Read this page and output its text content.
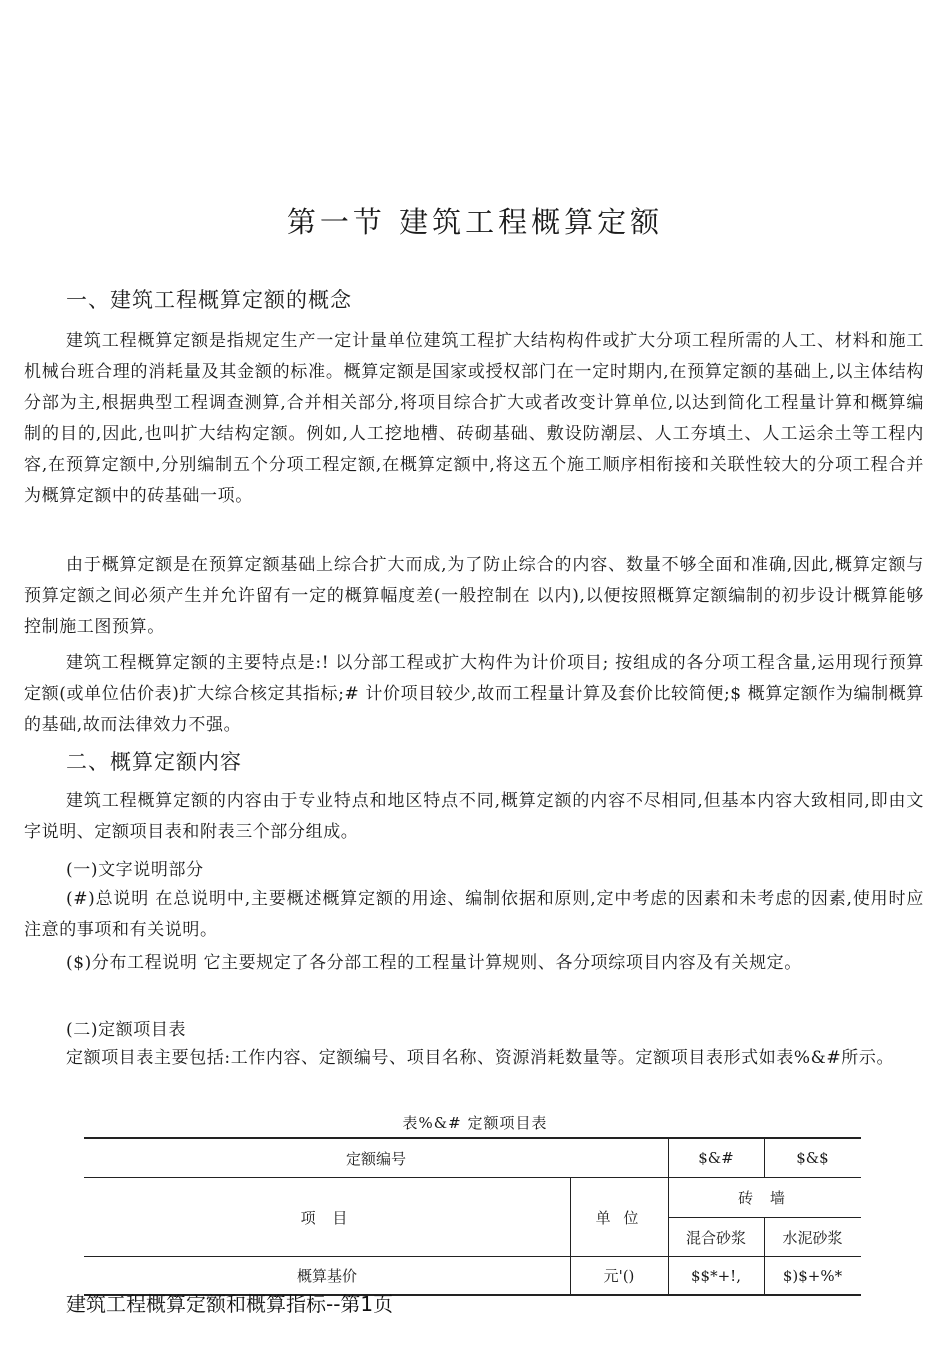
第一节 建筑工程概算定额
一、建筑工程概算定额的概念
建筑工程概算定额是指规定生产一定计量单位建筑工程扩大结构构件或扩大分项工程所需的人工、材料和施工机械台班合理的消耗量及其金额的标准。概算定额是国家或授权部门在一定时期内,在预算定额的基础上,以主体结构分部为主,根据典型工程调查测算,合并相关部分,将项目综合扩大或者改变计算单位,以达到简化工程量计算和概算编制的目的,因此,也叫扩大结构定额。例如,人工挖地槽、砖砌基础、敷设防潮层、人工夯填土、人工运余土等工程内容,在预算定额中,分别编制五个分项工程定额,在概算定额中,将这五个施工顺序相衔接和关联性较大的分项工程合并为概算定额中的砖基础一项。
由于概算定额是在预算定额基础上综合扩大而成,为了防止综合的内容、数量不够全面和准确,因此,概算定额与预算定额之间必须产生并允许留有一定的概算幅度差(一般控制在 以内),以便按照概算定额编制的初步设计概算能够控制施工图预算。
建筑工程概算定额的主要特点是:! 以分部工程或扩大构件为计价项目; 按组成的各分项工程含量,运用现行预算定额(或单位估价表)扩大综合核定其指标;# 计价项目较少,故而工程量计算及套价比较简便;$ 概算定额作为编制概算的基础,故而法律效力不强。
二、概算定额内容
建筑工程概算定额的内容由于专业特点和地区特点不同,概算定额的内容不尽相同,但基本内容大致相同,即由文字说明、定额项目表和附表三个部分组成。
(一)文字说明部分
(#)总说明 在总说明中,主要概述概算定额的用途、编制依据和原则,定中考虑的因素和未考虑的因素,使用时应注意的事项和有关说明。
($)分布工程说明 它主要规定了各分部工程的工程量计算规则、各分项综项目内容及有关规定。
(二)定额项目表
定额项目表主要包括:工作内容、定额编号、项目名称、资源消耗数量等。定额项目表形式如表%&#所示。
表%&# 定额项目表
定额编号	$&#	$&$
项 目	单 位
砖 墙
混合砂浆	水泥砂浆
概算基价	元'()	$$*+!,	$)$+%*
建筑工程概算定额和概算指标--第1页
